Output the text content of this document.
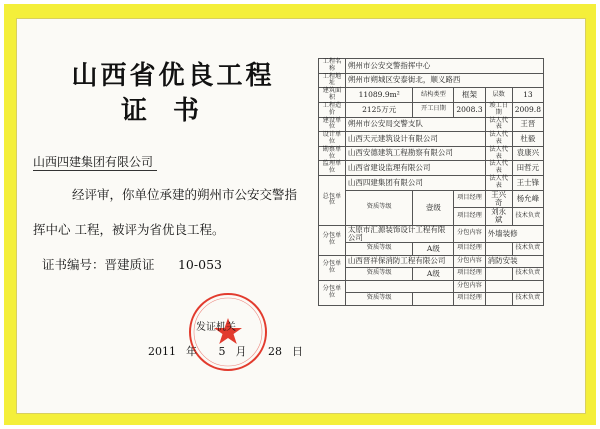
山西省优良工程
证书
山西四建集团有限公司
经评审，你单位承建的朔州市公安交警指
挥中心 工程，被评为省优良工程。
证书编号：晋建质证 10-053
发证机关
2011 年 5 月 28 日
工程名称	朔州市公安交警指挥中心				
工程地址	朔州市朔城区安泰街北，顺义路西				
建筑面积	11089.9m²	结构类型	框架	层数	13
工程造价	2125万元	开工日期	2008.3	竣工日期	2009.8
建设单位	朔州市公安局交警支队			法人代表	王晋
设计单位	山西天元建筑设计有限公司			法人代表	杜毅
勘察单位	山西安德建筑工程勘察有限公司			法人代表	袁康兴
监理单位	山西省建设监理有限公司			法人代表	田哲元
总包单位	山西四建集团有限公司			法人代表	王士锋
	资质等级	壹级	项目经理	王兴奇	杨允峰
			项目经理	刘永斌	技术负责
分包单位	太原市汇源装饰设计工程有限公司		分包内容	外墙装修	
	资质等级	A级	项目经理		技术负责
分包单位	山西晋祥保消防工程有限公司		分包内容	消防安装	
	资质等级	A级	项目经理		技术负责
分包单位			分包内容		
	资质等级		项目经理		技术负责
